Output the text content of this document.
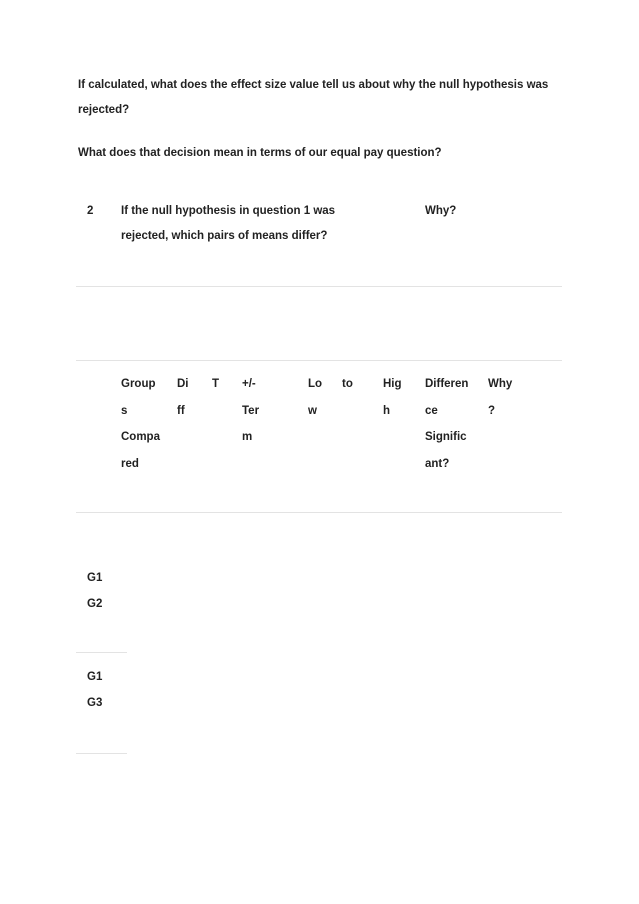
If calculated, what does the effect size value tell us about why the null hypothesis was
rejected?
What does that decision mean in terms of our equal pay question?
2 If the null hypothesis in question 1 was
rejected, which pairs of means differ?
Why?
Group
s
Compa
red
Di
ff
T +/-
Ter
m
Lo
w
to	Hig
h
Differen
ce
Signific
ant?
Why
?
G1
G2
G1
G3
